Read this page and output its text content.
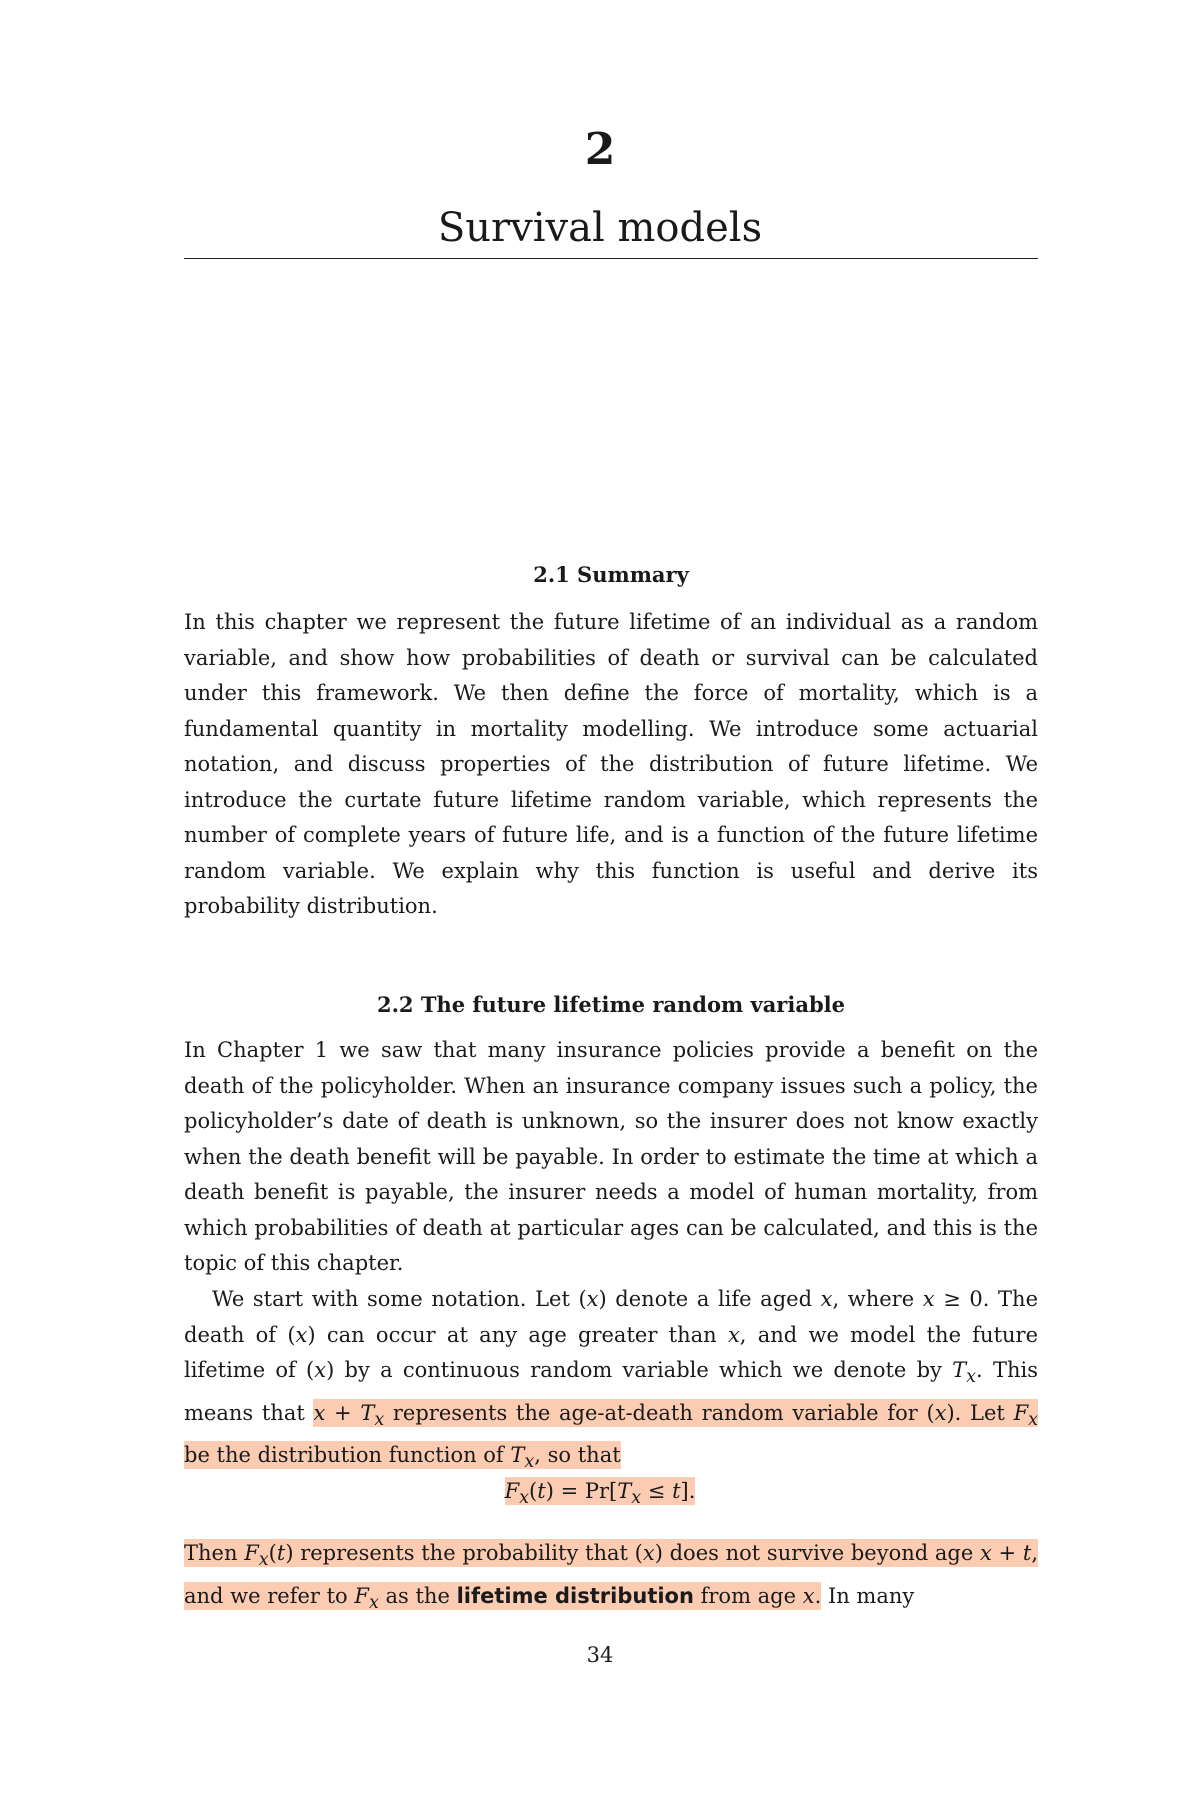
2
Survival models
2.1 Summary

In this chapter we represent the future lifetime of an individual as a random variable, and show how probabilities of death or survival can be calculated under this framework. We then define the force of mortality, which is a fundamental quantity in mortality modelling. We introduce some actuarial notation, and discuss properties of the distribution of future lifetime. We introduce the curtate future lifetime random variable, which represents the number of complete years of future life, and is a function of the future lifetime random variable. We explain why this function is useful and derive its probability distribution.

2.2 The future lifetime random variable

In Chapter 1 we saw that many insurance policies provide a benefit on the death of the policyholder. When an insurance company issues such a policy, the policyholder’s date of death is unknown, so the insurer does not know exactly when the death benefit will be payable. In order to estimate the time at which a death benefit is payable, the insurer needs a model of human mortality, from which probabilities of death at particular ages can be calculated, and this is the topic of this chapter.

We start with some notation. Let (x) denote a life aged x, where x ≥ 0. The death of (x) can occur at any age greater than x, and we model the future lifetime of (x) by a continuous random variable which we denote by $T_x$. This means that $x + T_x$ represents the age-at-death random variable for (x). Let $F_x$ be the distribution function of $T_x$, so that

$F_x(t) = Pr[T_x \le t]$.

Then $F_x(t)$ represents the probability that (x) does not survive beyond age x + t, and we refer to $F_x$ as the lifetime distribution from age x. In many

34
